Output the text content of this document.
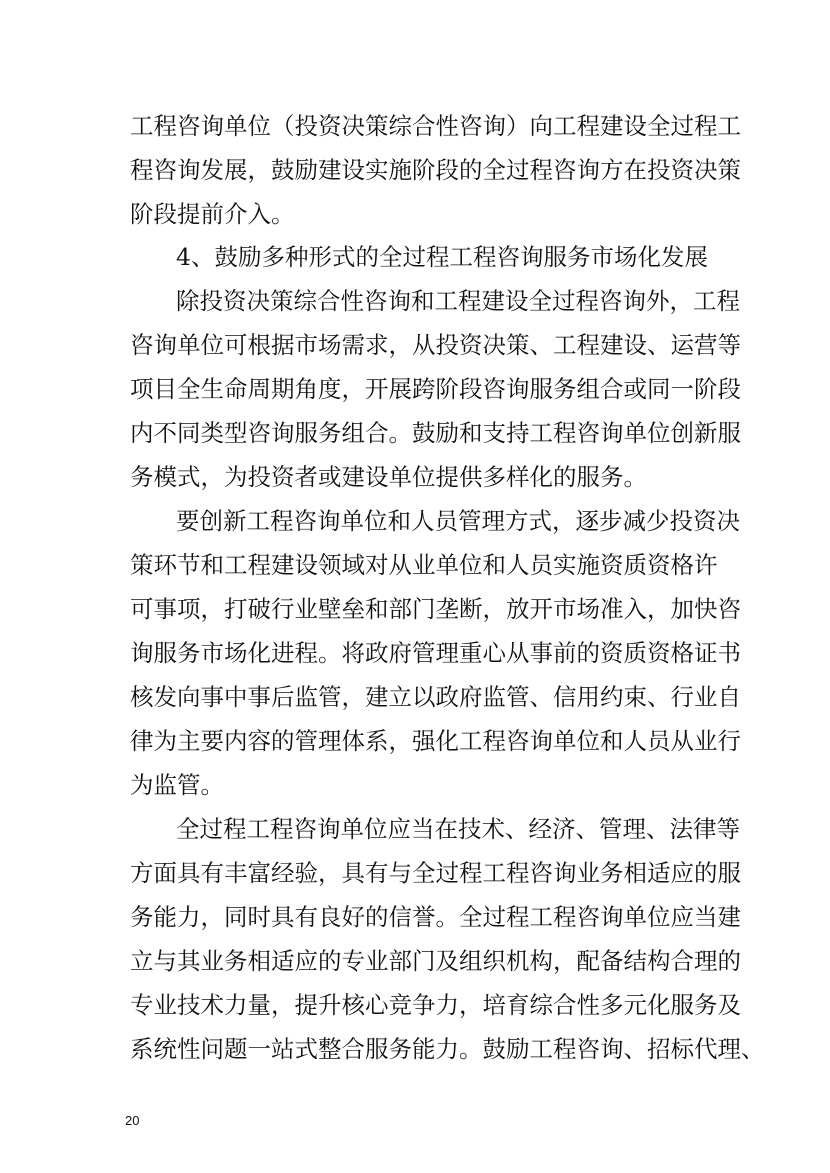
工程咨询单位（投资决策综合性咨询）向工程建设全过程工
程咨询发展，鼓励建设实施阶段的全过程咨询方在投资决策
阶段提前介入。
4、鼓励多种形式的全过程工程咨询服务市场化发展
除投资决策综合性咨询和工程建设全过程咨询外，工程
咨询单位可根据市场需求，从投资决策、工程建设、运营等
项目全生命周期角度，开展跨阶段咨询服务组合或同一阶段
内不同类型咨询服务组合。鼓励和支持工程咨询单位创新服
务模式，为投资者或建设单位提供多样化的服务。
要创新工程咨询单位和人员管理方式，逐步减少投资决
策环节和工程建设领域对从业单位和人员实施资质资格许
可事项，打破行业壁垒和部门垄断，放开市场准入，加快咨
询服务市场化进程。将政府管理重心从事前的资质资格证书
核发向事中事后监管，建立以政府监管、信用约束、行业自
律为主要内容的管理体系，强化工程咨询单位和人员从业行
为监管。
全过程工程咨询单位应当在技术、经济、管理、法律等
方面具有丰富经验，具有与全过程工程咨询业务相适应的服
务能力，同时具有良好的信誉。全过程工程咨询单位应当建
立与其业务相适应的专业部门及组织机构，配备结构合理的
专业技术力量，提升核心竞争力，培育综合性多元化服务及
系统性问题一站式整合服务能力。鼓励工程咨询、招标代理、
20
